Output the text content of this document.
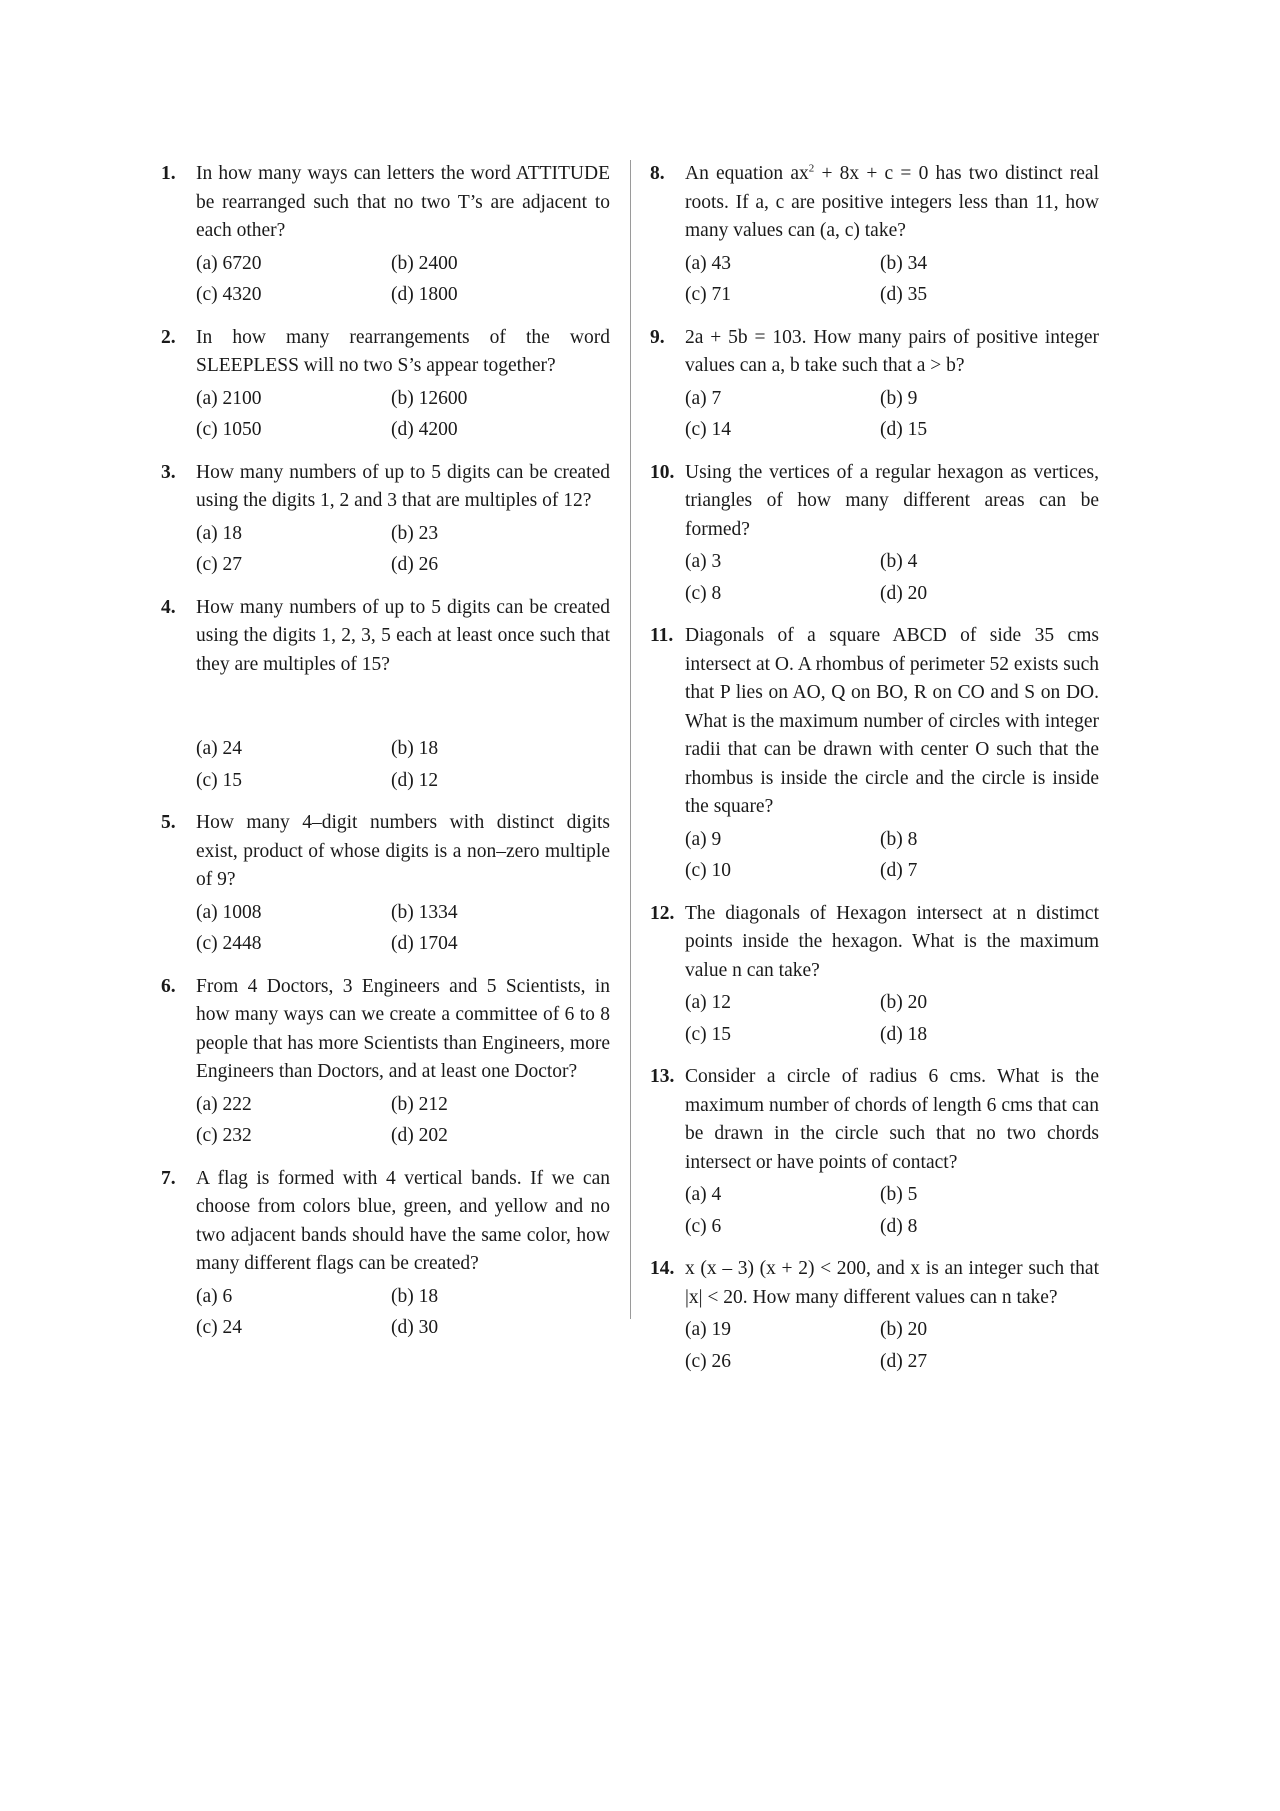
1. In how many ways can letters the word ATTITUDE be rearranged such that no two T’s are adjacent to each other?
(a) 6720	(b) 2400
(c) 4320	(d) 1800
2. In how many rearrangements of the word SLEEPLESS will no two S’s appear together?
(a) 2100	(b) 12600
(c) 1050	(d) 4200
3. How many numbers of up to 5 digits can be created using the digits 1, 2 and 3 that are multiples of 12?
(a) 18	(b) 23
(c) 27	(d) 26
4. How many numbers of up to 5 digits can be created using the digits 1, 2, 3, 5 each at least once such that they are multiples of 15?
(a) 24	(b) 18
(c) 15	(d) 12
5. How many 4–digit numbers with distinct digits exist, product of whose digits is a non–zero multiple of 9?
(a) 1008	(b) 1334
(c) 2448	(d) 1704
6. From 4 Doctors, 3 Engineers and 5 Scientists, in how many ways can we create a committee of 6 to 8 people that has more Scientists than Engineers, more Engineers than Doctors, and at least one Doctor?
(a) 222	(b) 212
(c) 232	(d) 202
7. A flag is formed with 4 vertical bands. If we can choose from colors blue, green, and yellow and no two adjacent bands should have the same color, how many different flags can be created?
(a) 6	(b) 18
(c) 24	(d) 30
8. An equation $ax^2 + 8x + c = 0$ has two distinct real roots. If a, c are positive integers less than 11, how many values can (a, c) take?
(a) 43	(b) 34
(c) 71	(d) 35
9. 2a + 5b = 103. How many pairs of positive integer values can a, b take such that a > b?
(a) 7	(b) 9
(c) 14	(d) 15
10. Using the vertices of a regular hexagon as vertices, triangles of how many different areas can be formed?
(a) 3	(b) 4
(c) 8	(d) 20
11. Diagonals of a square ABCD of side 35 cms intersect at O. A rhombus of perimeter 52 exists such that P lies on AO, Q on BO, R on CO and S on DO. What is the maximum number of circles with integer radii that can be drawn with center O such that the rhombus is inside the circle and the circle is inside the square?
(a) 9	(b) 8
(c) 10	(d) 7
12. The diagonals of Hexagon intersect at n distimct points inside the hexagon. What is the maximum value n can take?
(a) 12	(b) 20
(c) 15	(d) 18
13. Consider a circle of radius 6 cms. What is the maximum number of chords of length 6 cms that can be drawn in the circle such that no two chords intersect or have points of contact?
(a) 4	(b) 5
(c) 6	(d) 8
14. x (x – 3) (x + 2) < 200, and x is an integer such that |x| < 20. How many different values can n take?
(a) 19	(b) 20
(c) 26	(d) 27
